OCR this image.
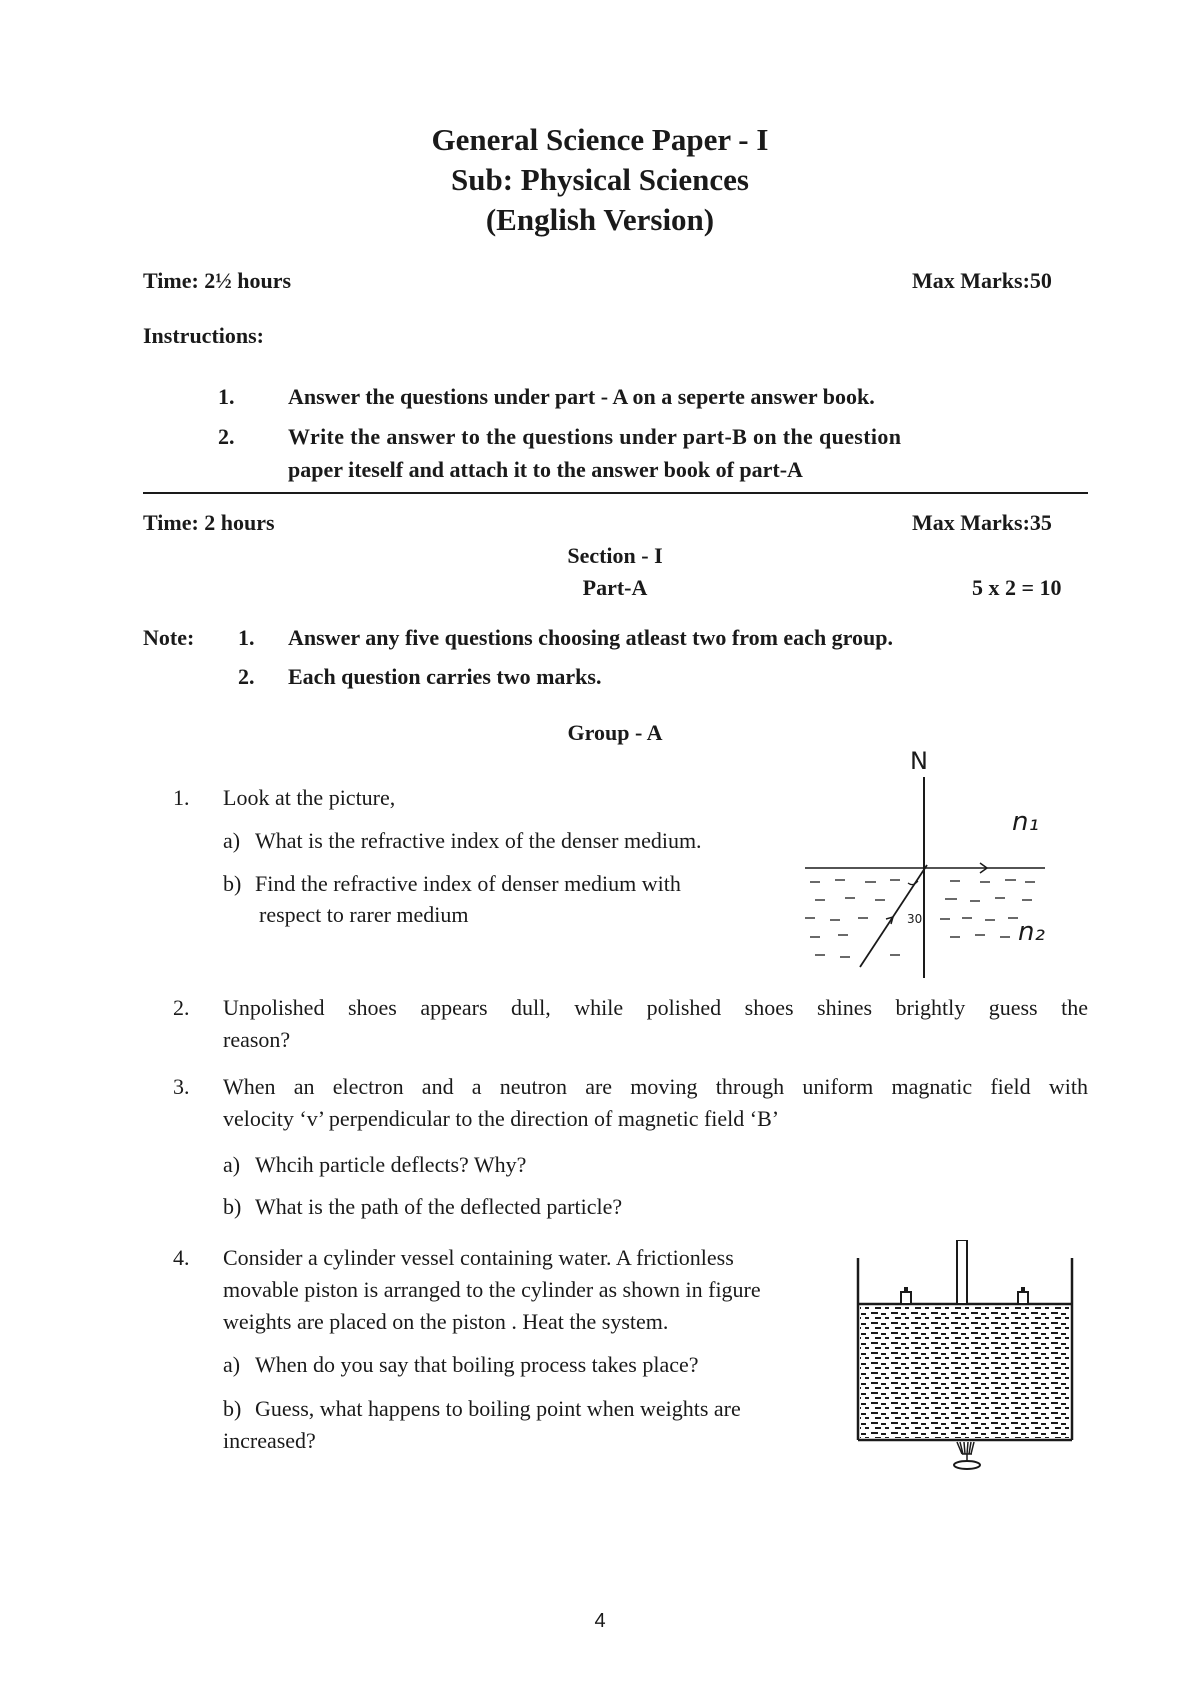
General Science Paper - I
Sub: Physical Sciences
(English Version)
Time: 2½ hours	Max Marks:50
Instructions:
1. Answer the questions under part - A on a seperte answer book.
2. Write the answer to the questions under part-B on the question
paper iteself and attach it to the answer book of part-A
Time: 2 hours	Max Marks:35
Section - I
Part-A	5 x 2 = 10
Note: 1. Answer any five questions choosing atleast two from each group.
2. Each question carries two marks.
Group - A
1.	Look at the picture,
a) What is the refractive index of the denser medium.
b) Find the refractive index of denser medium with
respect to rarer medium
N
30
n₁
n₂
2.	Unpolished shoes appears dull, while polished shoes shines brightly guess the
reason?
3.	When an electron and a neutron are moving through uniform magnatic field with
velocity ‘v’ perpendicular to the direction of magnetic field ‘B’
a) Whcih particle deflects? Why?
b) What is the path of the deflected particle?
4.	Consider a cylinder vessel containing water. A frictionless
movable piston is arranged to the cylinder as shown in figure
weights are placed on the piston . Heat the system.
a) When do you say that boiling process takes place?
b) Guess, what happens to boiling point when weights are
increased?
4
